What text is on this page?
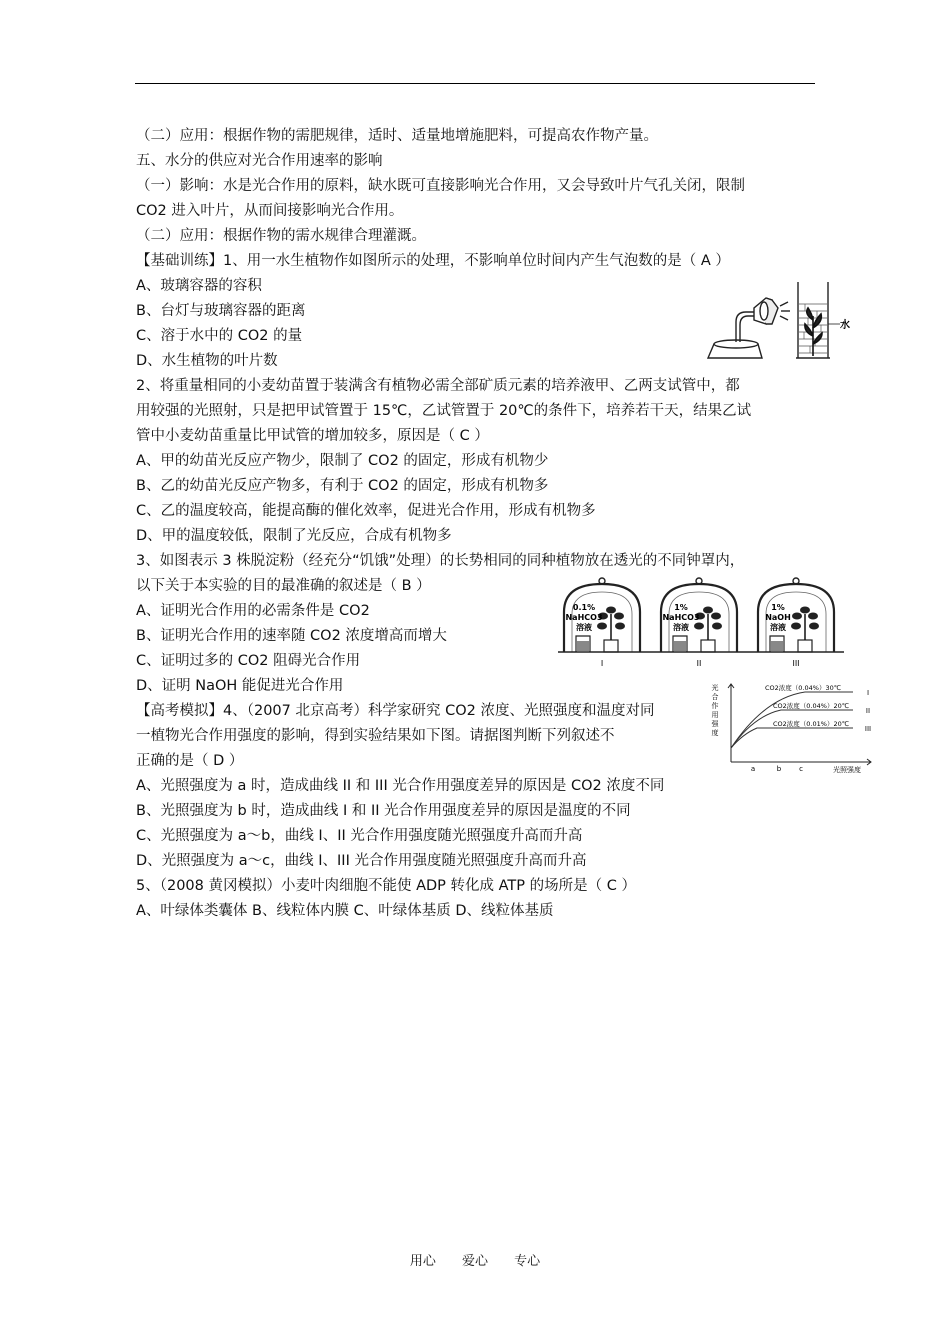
（二）应用：根据作物的需肥规律，适时、适量地增施肥料，可提高农作物产量。
五、水分的供应对光合作用速率的影响
（一）影响：水是光合作用的原料，缺水既可直接影响光合作用，又会导致叶片气孔关闭，限制
CO2 进入叶片，从而间接影响光合作用。
（二）应用：根据作物的需水规律合理灌溉。
【基础训练】1、用一水生植物作如图所示的处理，不影响单位时间内产生气泡数的是（ A ）
A、玻璃容器的容积
B、台灯与玻璃容器的距离
C、溶于水中的 CO2 的量
D、水生植物的叶片数
2、将重量相同的小麦幼苗置于装满含有植物必需全部矿质元素的培养液甲、乙两支试管中，都
用较强的光照射，只是把甲试管置于 15℃，乙试管置于 20℃的条件下，培养若干天，结果乙试
管中小麦幼苗重量比甲试管的增加较多，原因是（ C ）
A、甲的幼苗光反应产物少，限制了 CO2 的固定，形成有机物少
B、乙的幼苗光反应产物多，有利于 CO2 的固定，形成有机物多
C、乙的温度较高，能提高酶的催化效率，促进光合作用，形成有机物多
D、甲的温度较低，限制了光反应，合成有机物多
3、如图表示 3 株脱淀粉（经充分“饥饿”处理）的长势相同的同种植物放在透光的不同钟罩内，
以下关于本实验的目的最准确的叙述是（ B ）
A、证明光合作用的必需条件是 CO2
B、证明光合作用的速率随 CO2 浓度增高而增大
C、证明过多的 CO2 阻碍光合作用
D、证明 NaOH 能促进光合作用
【高考模拟】4、（2007 北京高考）科学家研究 CO2 浓度、光照强度和温度对同
一植物光合作用强度的影响，得到实验结果如下图。请据图判断下列叙述不
正确的是（ D ）
A、光照强度为 a 时，造成曲线 II 和 III 光合作用强度差异的原因是 CO2 浓度不同
B、光照强度为 b 时，造成曲线 I 和 II 光合作用强度差异的原因是温度的不同
C、光照强度为 a～b，曲线 I、II 光合作用强度随光照强度升高而升高
D、光照强度为 a～c，曲线 I、III 光合作用强度随光照强度升高而升高
5、（2008 黄冈模拟）小麦叶肉细胞不能使 ADP 转化成 ATP 的场所是（ C ）
A、叶绿体类囊体 B、线粒体内膜 C、叶绿体基质 D、线粒体基质
水
0.1%
NaHCO3
溶液
I
1%
NaHCO3
溶液
II
1%
NaOH
溶液
III
光
合
作
用
强
度
a	b	c	光照强度
CO2浓度（0.04%）30℃
I
CO2浓度（0.04%）20℃
II
CO2浓度（0.01%）20℃
III
用心 爱心 专心
